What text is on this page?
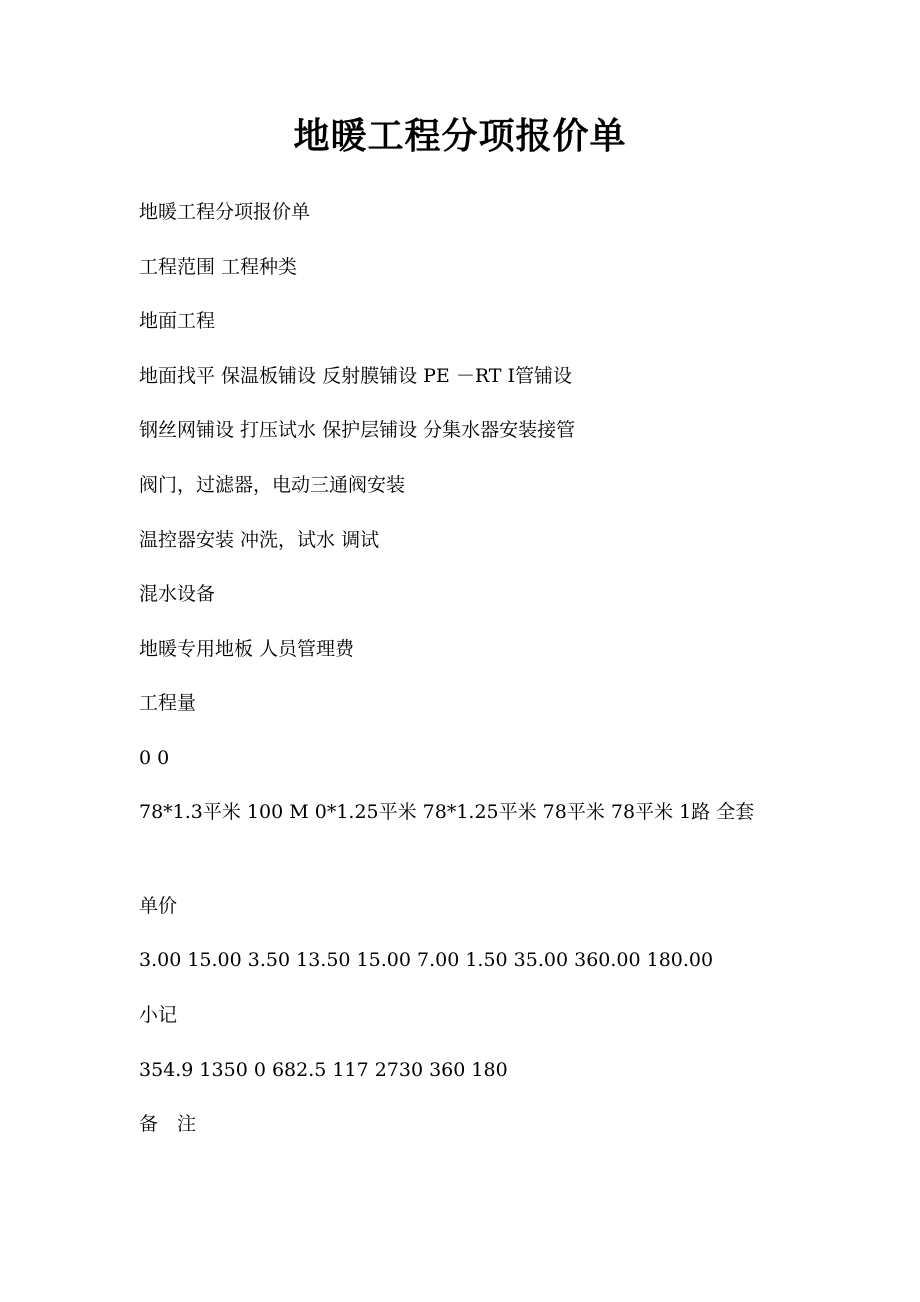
地暖工程分项报价单

地暖工程分项报价单

工程范围 工程种类

地面工程

地面找平 保温板铺设 反射膜铺设 PE －RT Ⅰ管铺设

钢丝网铺设 打压试水 保护层铺设 分集水器安装接管

阀门，过滤器，电动三通阀安装

温控器安装 冲洗，试水 调试

混水设备

地暖专用地板 人员管理费

工程量

0 0

78*1.3平米 100 M 0*1.25平米 78*1.25平米 78平米 78平米 1路 全套

单价

3.00 15.00 3.50 13.50 15.00 7.00 1.50 35.00 360.00 180.00

小记

354.9 1350 0 682.5 117 2730 360 180

备　注
